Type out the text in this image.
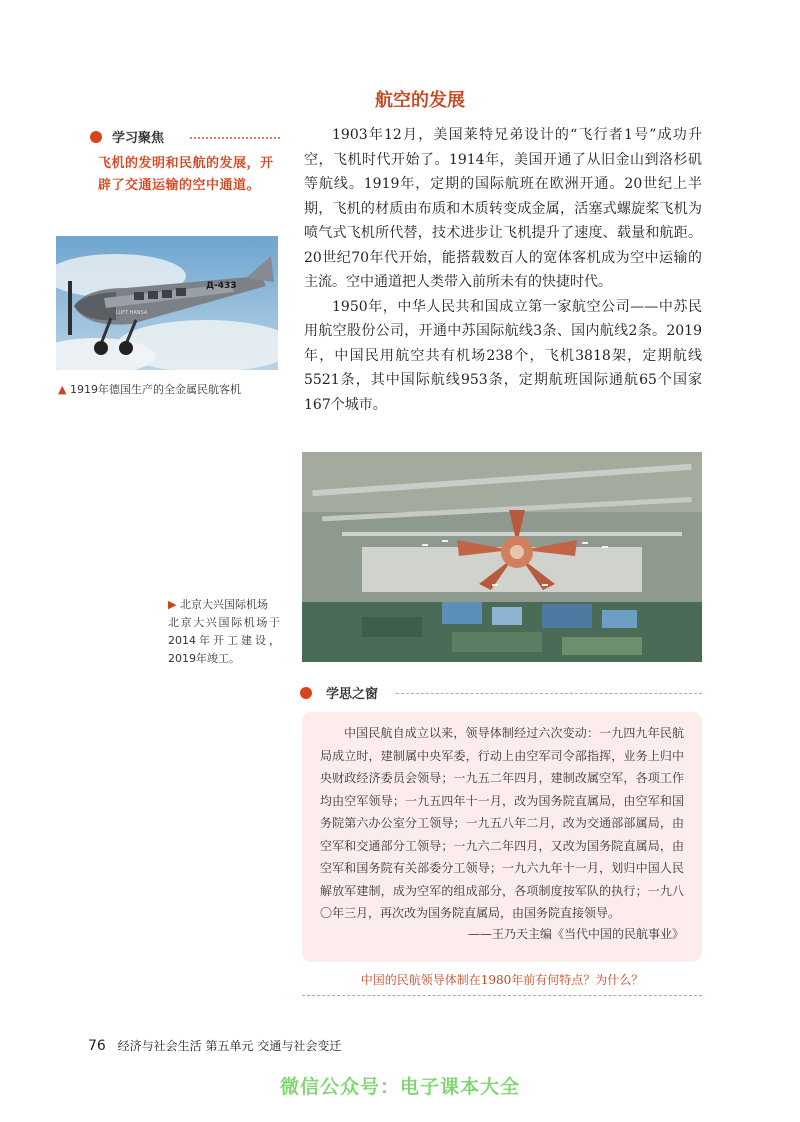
航空的发展
学习聚焦
飞机的发明和民航的发展，开辟了交通运输的空中通道。
Д-433
LUFT HANSA
▲ 1919年德国生产的全金属民航客机

1903年12月，美国莱特兄弟设计的“飞行者1号”成功升空，飞机时代开始了。1914年，美国开通了从旧金山到洛杉矶等航线。1919年，定期的国际航班在欧洲开通。20世纪上半期，飞机的材质由布质和木质转变成金属，活塞式螺旋桨飞机为喷气式飞机所代替，技术进步让飞机提升了速度、载量和航距。20世纪70年代开始，能搭载数百人的宽体客机成为空中运输的主流。空中通道把人类带入前所未有的快捷时代。

1950年，中华人民共和国成立第一家航空公司——中苏民用航空股份公司，开通中苏国际航线3条、国内航线2条。2019年，中国民用航空共有机场238个，飞机3818架，定期航线5521条，其中国际航线953条，定期航班国际通航65个国家167个城市。

▶ 北京大兴国际机场
北京大兴国际机场于2014年开工建设，2019年竣工。
学思之窗

中国民航自成立以来，领导体制经过六次变动：一九四九年民航局成立时，建制属中央军委，行动上由空军司令部指挥，业务上归中央财政经济委员会领导；一九五二年四月，建制改属空军，各项工作均由空军领导；一九五四年十一月，改为国务院直属局，由空军和国务院第六办公室分工领导；一九五八年二月，改为交通部部属局，由空军和交通部分工领导；一九六二年四月，又改为国务院直属局，由空军和国务院有关部委分工领导；一九六九年十一月，划归中国人民解放军建制，成为空军的组成部分，各项制度按军队的执行；一九八〇年三月，再次改为国务院直属局，由国务院直接领导。

——王乃天主编《当代中国的民航事业》
中国的民航领导体制在1980年前有何特点？为什么？
76 经济与社会生活 第五单元 交通与社会变迁
微信公众号：电子课本大全
